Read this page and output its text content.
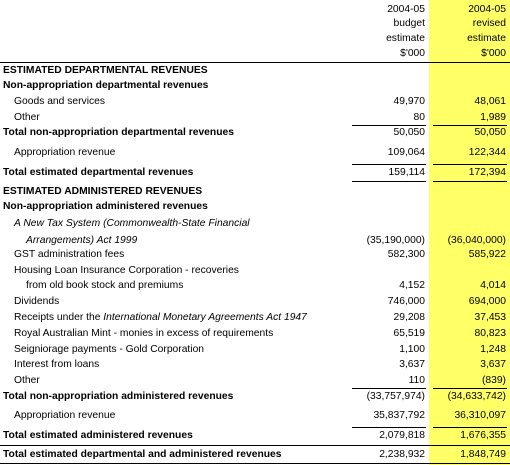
2004-05	2004-05
budget	revised
estimate	estimate
$'000	$'000
ESTIMATED DEPARTMENTAL REVENUES
Non-appropriation departmental revenues
Goods and services	49,970	48,061
Other	80	1,989
Total non-appropriation departmental revenues	50,050	50,050
Appropriation revenue	109,064	122,344
Total estimated departmental revenues	159,114	172,394
ESTIMATED ADMINISTERED REVENUES
Non-appropriation administered revenues
A New Tax System (Commonwealth-State Financial
Arrangements) Act 1999	(35,190,000)	(36,040,000)
GST administration fees	582,300	585,922
Housing Loan Insurance Corporation - recoveries
from old book stock and premiums	4,152	4,014
Dividends	746,000	694,000
Receipts under the International Monetary Agreements Act 1947	29,208	37,453
Royal Australian Mint - monies in excess of requirements	65,519	80,823
Seigniorage payments - Gold Corporation	1,100	1,248
Interest from loans	3,637	3,637
Other	110	(839)
Total non-appropriation administered revenues	(33,757,974)	(34,633,742)
Appropriation revenue	35,837,792	36,310,097
Total estimated administered revenues	2,079,818	1,676,355
Total estimated departmental and administered revenues	2,238,932	1,848,749
